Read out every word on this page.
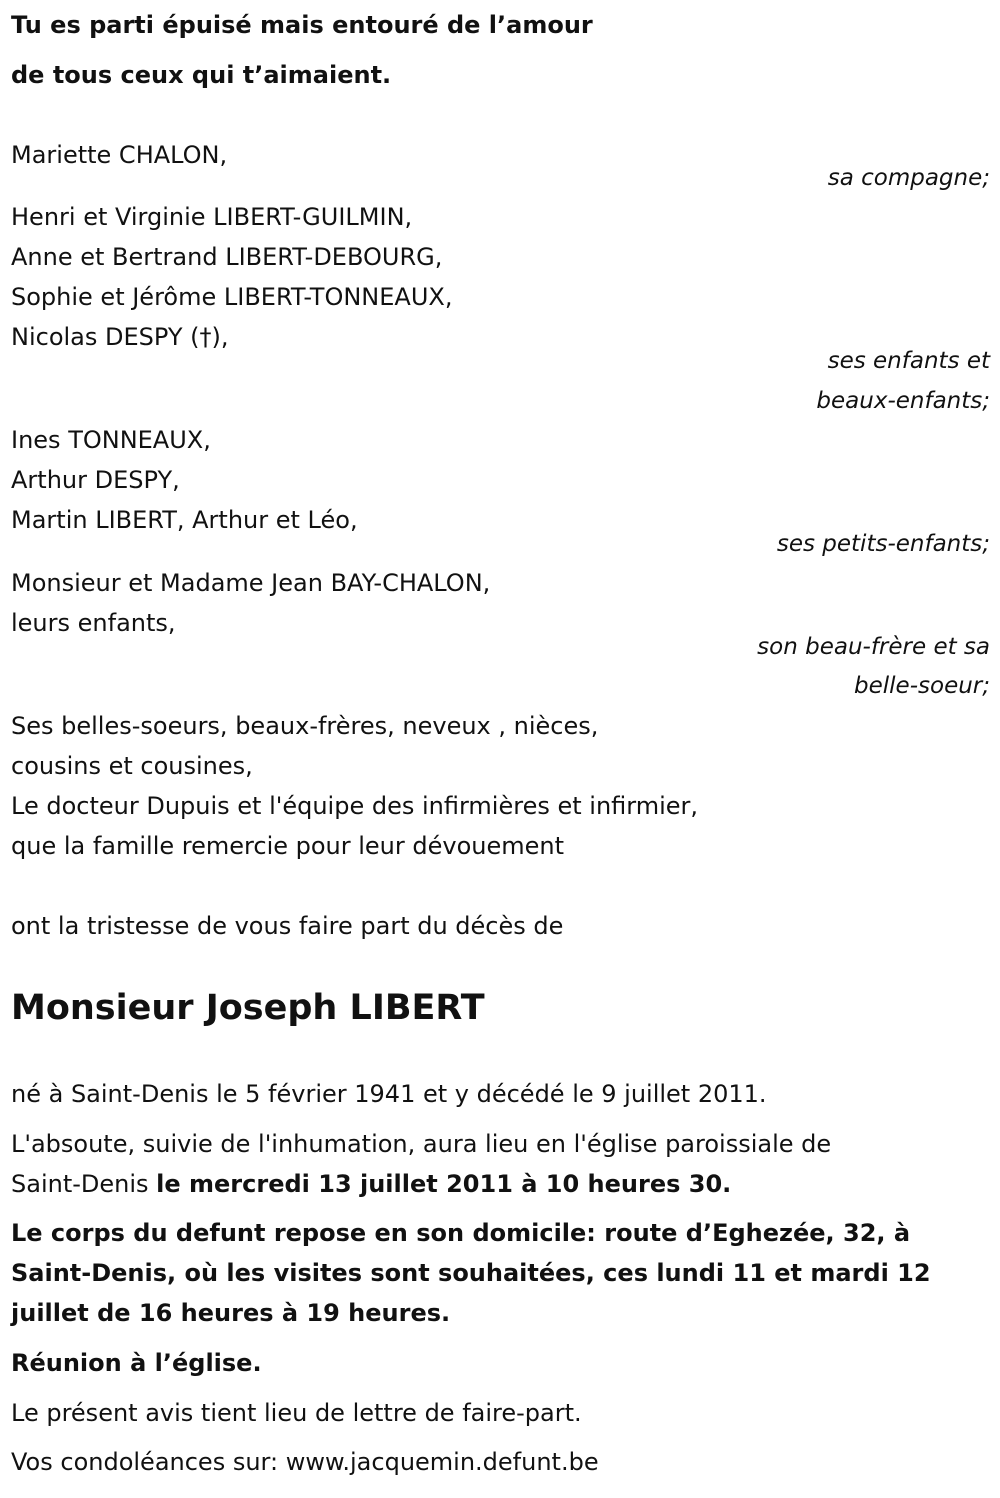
Tu es parti épuisé mais entouré de l’amour
de tous ceux qui t’aimaient.
Mariette CHALON,
sa compagne;
Henri et Virginie LIBERT-GUILMIN,
Anne et Bertrand LIBERT-DEBOURG,
Sophie et Jérôme LIBERT-TONNEAUX,
Nicolas DESPY (†),
ses enfants et
beaux-enfants;
Ines TONNEAUX,
Arthur DESPY,
Martin LIBERT, Arthur et Léo,
ses petits-enfants;
Monsieur et Madame Jean BAY-CHALON,
leurs enfants,
son beau-frère et sa
belle-soeur;
Ses belles-soeurs, beaux-frères, neveux , nièces,
cousins et cousines,
Le docteur Dupuis et l'équipe des infirmières et infirmier,
que la famille remercie pour leur dévouement
ont la tristesse de vous faire part du décès de
Monsieur Joseph LIBERT
né à Saint-Denis le 5 février 1941 et y décédé le 9 juillet 2011.
L'absoute, suivie de l'inhumation, aura lieu en l'église paroissiale de
Saint-Denis le mercredi 13 juillet 2011 à 10 heures 30.
Le corps du defunt repose en son domicile: route d’Eghezée, 32, à
Saint-Denis, où les visites sont souhaitées, ces lundi 11 et mardi 12
juillet de 16 heures à 19 heures.
Réunion à l’église.
Le présent avis tient lieu de lettre de faire-part.
Vos condoléances sur: www.jacquemin.defunt.be
